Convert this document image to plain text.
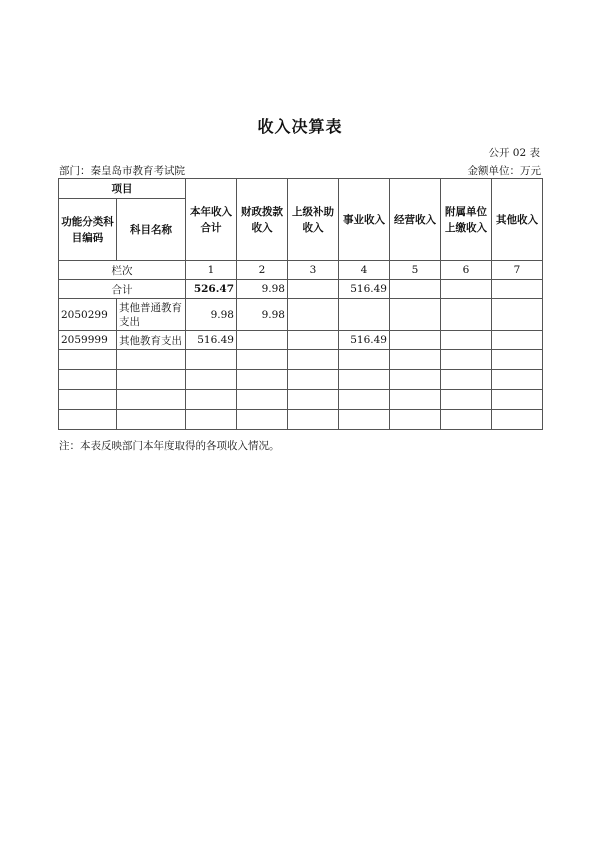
收入决算表
公开 02 表
部门：秦皇岛市教育考试院	金额单位：万元
项目		本年收入合计	财政拨款收入	上级补助收入	事业收入	经营收入	附属单位上缴收入	其他收入
功能分类科目编码	科目名称							
栏次		1	2	3	4	5	6	7
合计		526.47	9.98		516.49			
2050299	其他普通教育支出	9.98	9.98					
2059999	其他教育支出	516.49			516.49			

注：本表反映部门本年度取得的各项收入情况。
